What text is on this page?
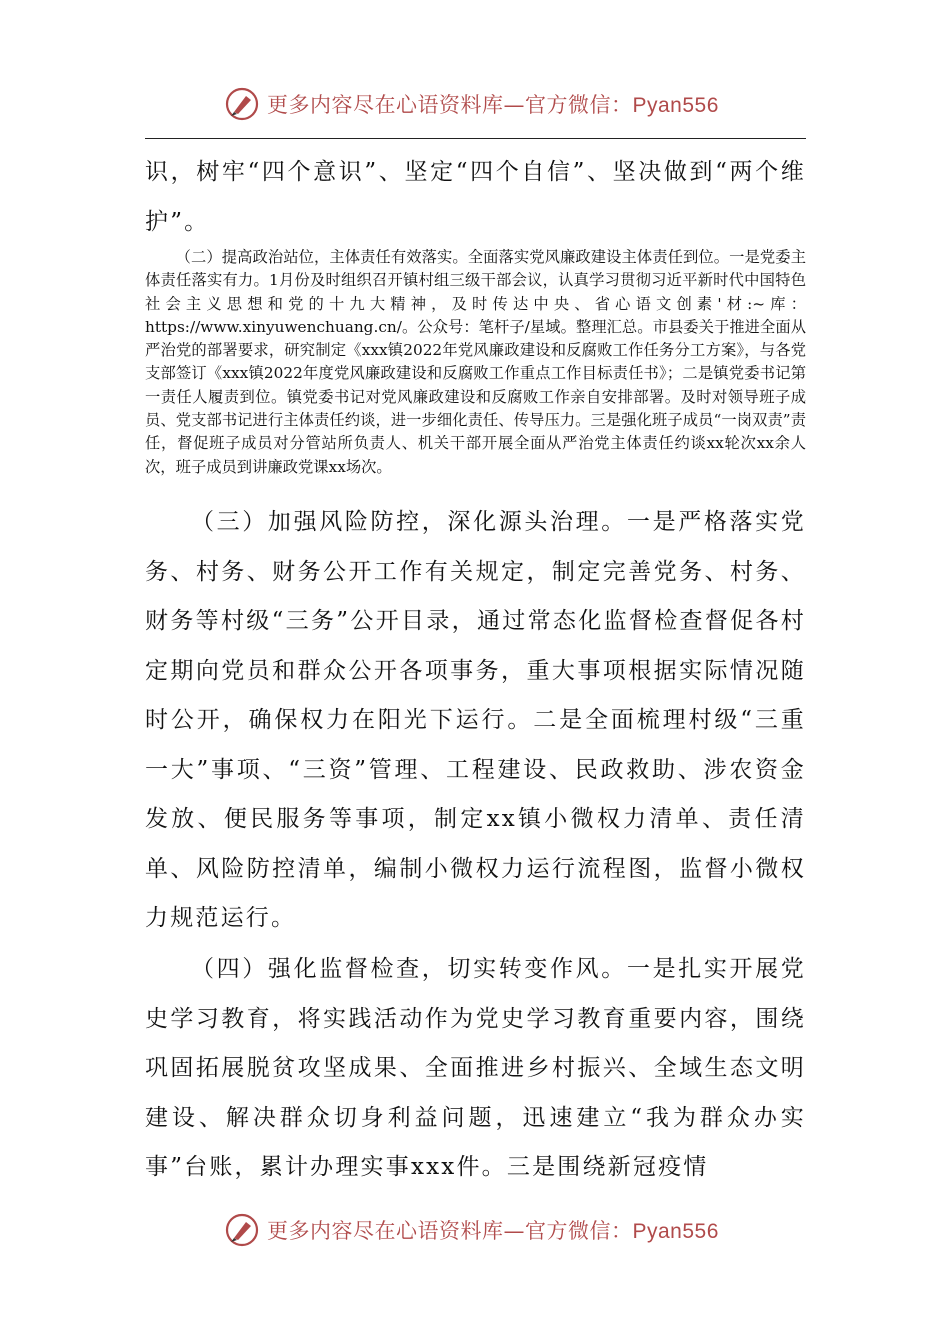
更多内容尽在心语资料库—官方微信：Pyan556

识，树牢“四个意识”、坚定“四个自信”、坚决做到“两个维护”。

（二）提高政治站位，主体责任有效落实。全面落实党风廉政建设主体责任到位。一是党委主体责任落实有力。1月份及时组织召开镇村组三级干部会议，认真学习贯彻习近平新时代中国特色社会主义思想和党的十九大精神，及时传达中央、省心语文创素'材:~库：https://www.xinyuwenchuang.cn/。公众号：笔杆子/星域。整理汇总。市县委关于推进全面从严治党的部署要求，研究制定《xxx镇2022年党风廉政建设和反腐败工作任务分工方案》，与各党支部签订《xxx镇2022年度党风廉政建设和反腐败工作重点工作目标责任书》；二是镇党委书记第一责任人履责到位。镇党委书记对党风廉政建设和反腐败工作亲自安排部署。及时对领导班子成员、党支部书记进行主体责任约谈，进一步细化责任、传导压力。三是强化班子成员“一岗双责”责任，督促班子成员对分管站所负责人、机关干部开展全面从严治党主体责任约谈xx轮次xx余人次，班子成员到讲廉政党课xx场次。

（三）加强风险防控，深化源头治理。一是严格落实党务、村务、财务公开工作有关规定，制定完善党务、村务、财务等村级“三务”公开目录，通过常态化监督检查督促各村定期向党员和群众公开各项事务，重大事项根据实际情况随时公开，确保权力在阳光下运行。二是全面梳理村级“三重一大”事项、“三资”管理、工程建设、民政救助、涉农资金发放、便民服务等事项，制定xx镇小微权力清单、责任清单、风险防控清单，编制小微权力运行流程图，监督小微权力规范运行。

（四）强化监督检查，切实转变作风。一是扎实开展党史学习教育，将实践活动作为党史学习教育重要内容，围绕巩固拓展脱贫攻坚成果、全面推进乡村振兴、全域生态文明建设、解决群众切身利益问题，迅速建立“我为群众办实事”台账，累计办理实事xxx件。三是围绕新冠疫情

更多内容尽在心语资料库—官方微信：Pyan556
